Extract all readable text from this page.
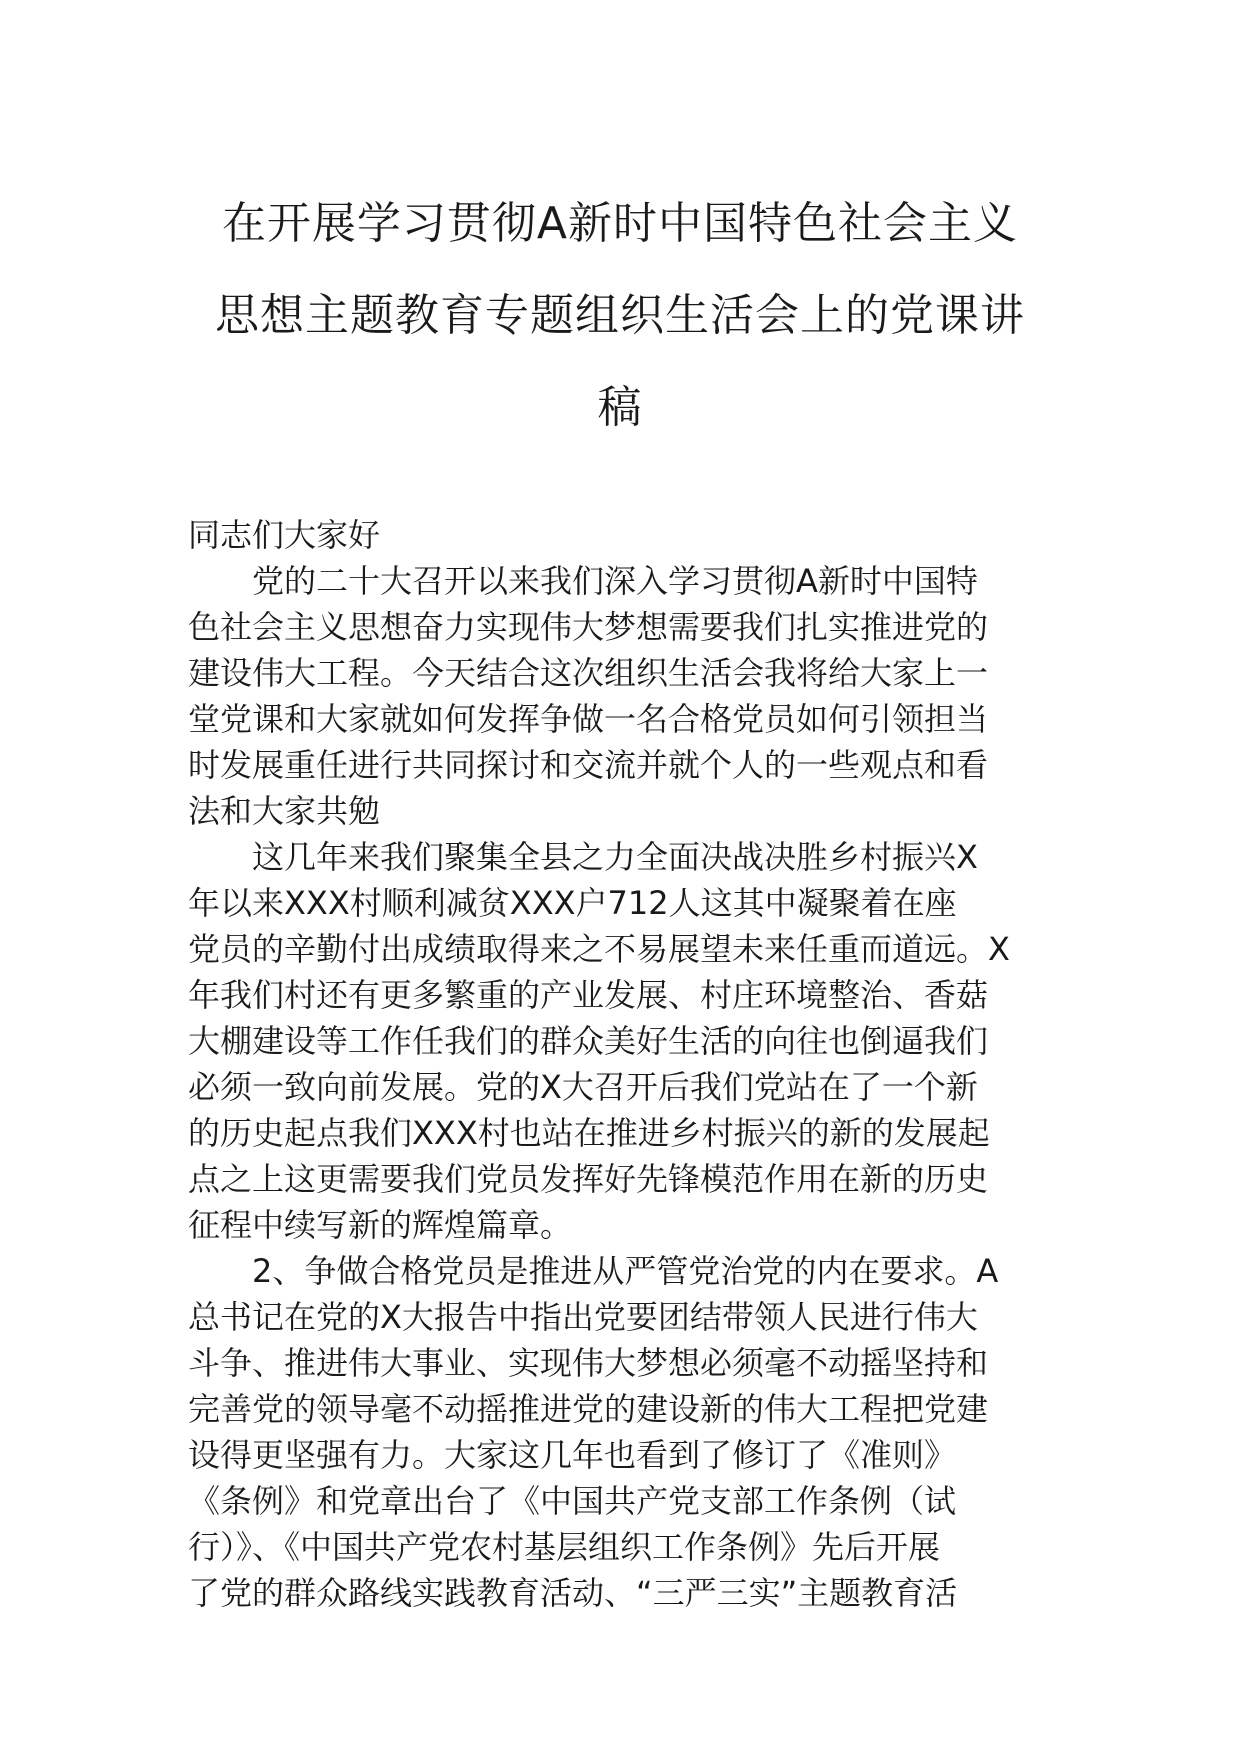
在开展学习贯彻A新时中国特色社会主义
思想主题教育专题组织生活会上的党课讲
稿
同志们大家好
党的二十大召开以来我们深入学习贯彻A新时中国特
色社会主义思想奋力实现伟大梦想需要我们扎实推进党的
建设伟大工程。今天结合这次组织生活会我将给大家上一
堂党课和大家就如何发挥争做一名合格党员如何引领担当
时发展重任进行共同探讨和交流并就个人的一些观点和看
法和大家共勉
这几年来我们聚集全县之力全面决战决胜乡村振兴X
年以来XXX村顺利减贫XXX户712人这其中凝聚着在座
党员的辛勤付出成绩取得来之不易展望未来任重而道远。X
年我们村还有更多繁重的产业发展、村庄环境整治、香菇
大棚建设等工作任我们的群众美好生活的向往也倒逼我们
必须一致向前发展。党的X大召开后我们党站在了一个新
的历史起点我们XXX村也站在推进乡村振兴的新的发展起
点之上这更需要我们党员发挥好先锋模范作用在新的历史
征程中续写新的辉煌篇章。
2、争做合格党员是推进从严管党治党的内在要求。A
总书记在党的X大报告中指出党要团结带领人民进行伟大
斗争、推进伟大事业、实现伟大梦想必须毫不动摇坚持和
完善党的领导毫不动摇推进党的建设新的伟大工程把党建
设得更坚强有力。大家这几年也看到了修订了《准则》
《条例》和党章出台了《中国共产党支部工作条例（试
行）》、《中国共产党农村基层组织工作条例》先后开展
了党的群众路线实践教育活动、“三严三实”主题教育活
